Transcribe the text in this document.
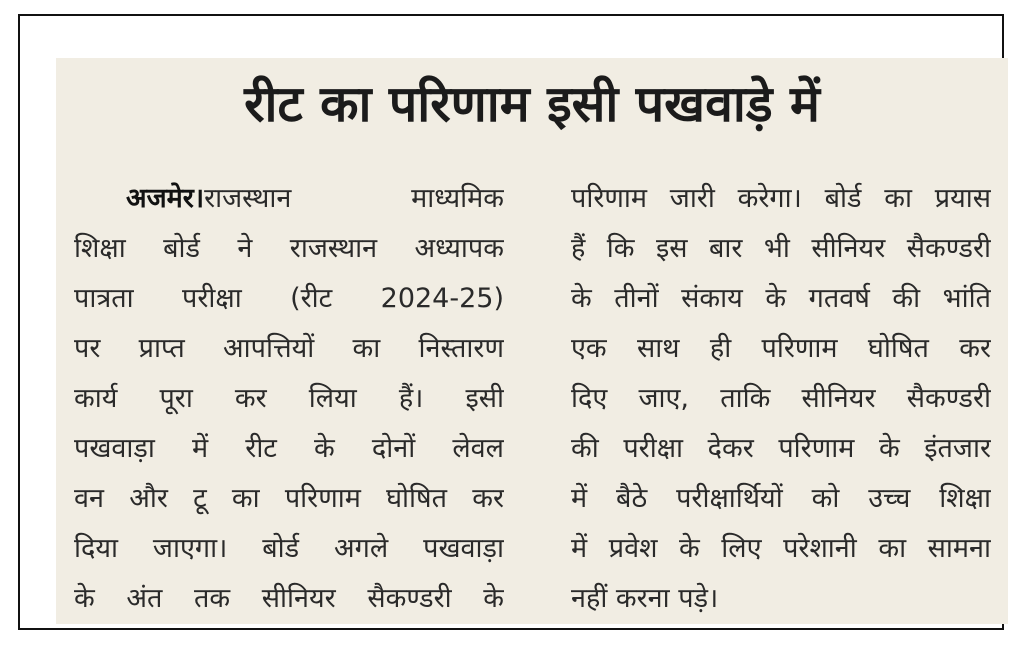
रीट का परिणाम इसी पखवाड़े में
अजमेर।राजस्थान माध्यमिक
शिक्षा बोर्ड ने राजस्थान अध्यापक
पात्रता परीक्षा (रीट 2024-25)
पर प्राप्त आपत्तियों का निस्तारण
कार्य पूरा कर लिया हैं। इसी
पखवाड़ा में रीट के दोनों लेवल
वन और टू का परिणाम घोषित कर
दिया जाएगा। बोर्ड अगले पखवाड़ा
के अंत तक सीनियर सैकण्डरी के
परिणाम जारी करेगा। बोर्ड का प्रयास
हैं कि इस बार भी सीनियर सैकण्डरी
के तीनों संकाय के गतवर्ष की भांति
एक साथ ही परिणाम घोषित कर
दिए जाए, ताकि सीनियर सैकण्डरी
की परीक्षा देकर परिणाम के इंतजार
में बैठे परीक्षार्थियों को उच्च शिक्षा
में प्रवेश के लिए परेशानी का सामना
नहीं करना पड़े।
